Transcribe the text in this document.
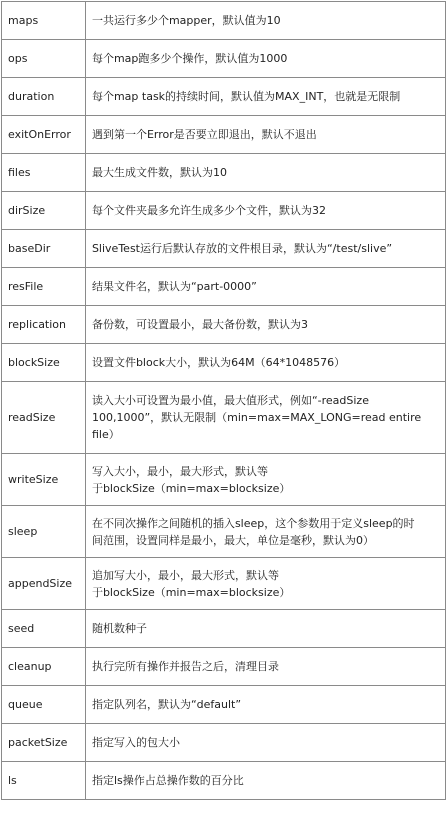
maps	一共运行多少个mapper，默认值为10

ops	每个map跑多少个操作，默认值为1000

duration	每个map task的持续时间，默认值为MAX_INT，也就是无限制

exitOnError	遇到第一个Error是否要立即退出，默认不退出

files	最大生成文件数，默认为10

dirSize	每个文件夹最多允许生成多少个文件，默认为32

baseDir	SliveTest运行后默认存放的文件根目录，默认为“/test/slive”

resFile	结果文件名，默认为“part-0000”

replication	备份数，可设置最小，最大备份数，默认为3

blockSize	设置文件block大小，默认为64M（64*1048576）

readSize	读入大小可设置为最小值，最大值形式，例如“-readSize
100,1000”，默认无限制（min=max=MAX_LONG=read entire
file）

writeSize	写入大小，最小，最大形式，默认等
于blockSize（min=max=blocksize）

sleep	在不同次操作之间随机的插入sleep，这个参数用于定义sleep的时
间范围，设置同样是最小，最大，单位是毫秒，默认为0）

appendSize	追加写大小，最小，最大形式，默认等
于blockSize（min=max=blocksize）

seed	随机数种子

cleanup	执行完所有操作并报告之后，清理目录

queue	指定队列名，默认为“default”

packetSize	指定写入的包大小

ls	指定ls操作占总操作数的百分比
